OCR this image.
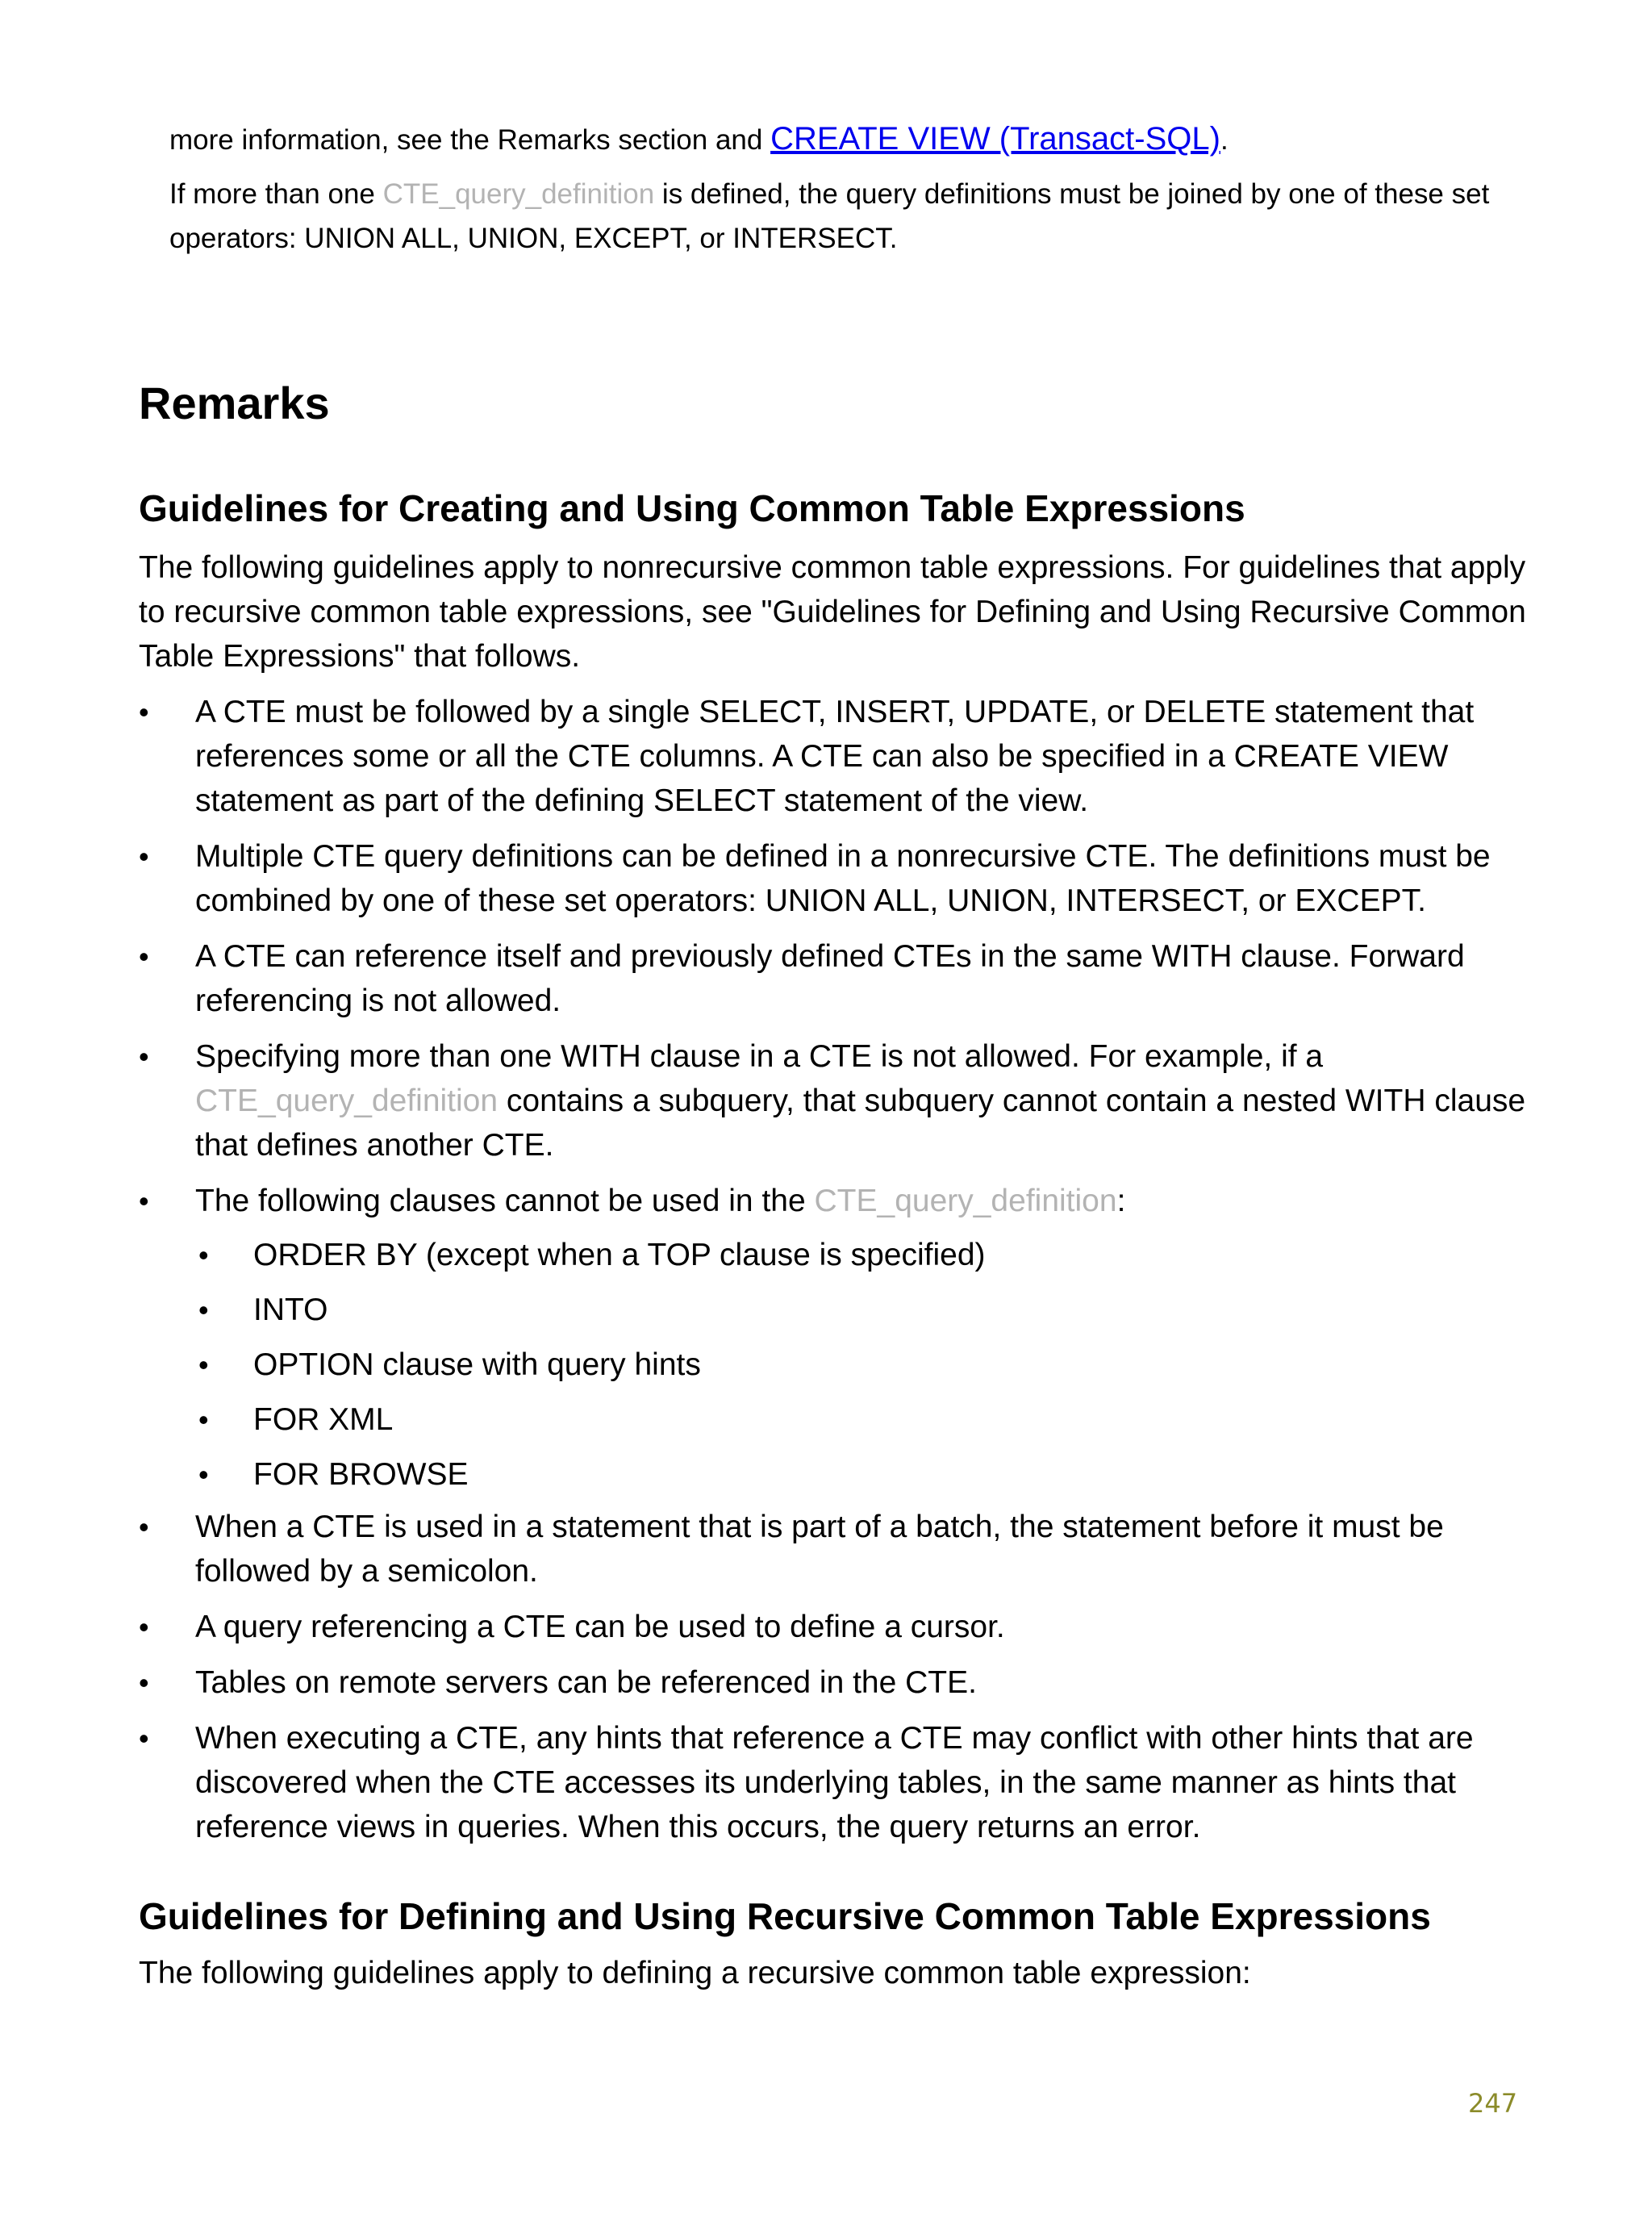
more information, see the Remarks section and CREATE VIEW (Transact-SQL).

If more than one CTE_query_definition is defined, the query definitions must be joined by one of these set operators: UNION ALL, UNION, EXCEPT, or INTERSECT.

Remarks
Guidelines for Creating and Using Common Table Expressions

The following guidelines apply to nonrecursive common table expressions. For guidelines that apply to recursive common table expressions, see "Guidelines for Defining and Using Recursive Common Table Expressions" that follows.

• A CTE must be followed by a single SELECT, INSERT, UPDATE, or DELETE statement that references some or all the CTE columns. A CTE can also be specified in a CREATE VIEW statement as part of the defining SELECT statement of the view.
• Multiple CTE query definitions can be defined in a nonrecursive CTE. The definitions must be combined by one of these set operators: UNION ALL, UNION, INTERSECT, or EXCEPT.
• A CTE can reference itself and previously defined CTEs in the same WITH clause. Forward referencing is not allowed.
• Specifying more than one WITH clause in a CTE is not allowed. For example, if a CTE_query_definition contains a subquery, that subquery cannot contain a nested WITH clause that defines another CTE.
• The following clauses cannot be used in the CTE_query_definition:
• ORDER BY (except when a TOP clause is specified)
• INTO
• OPTION clause with query hints
• FOR XML
• FOR BROWSE
• When a CTE is used in a statement that is part of a batch, the statement before it must be followed by a semicolon.
• A query referencing a CTE can be used to define a cursor.
• Tables on remote servers can be referenced in the CTE.
• When executing a CTE, any hints that reference a CTE may conflict with other hints that are discovered when the CTE accesses its underlying tables, in the same manner as hints that reference views in queries. When this occurs, the query returns an error.
Guidelines for Defining and Using Recursive Common Table Expressions

The following guidelines apply to defining a recursive common table expression:

247
